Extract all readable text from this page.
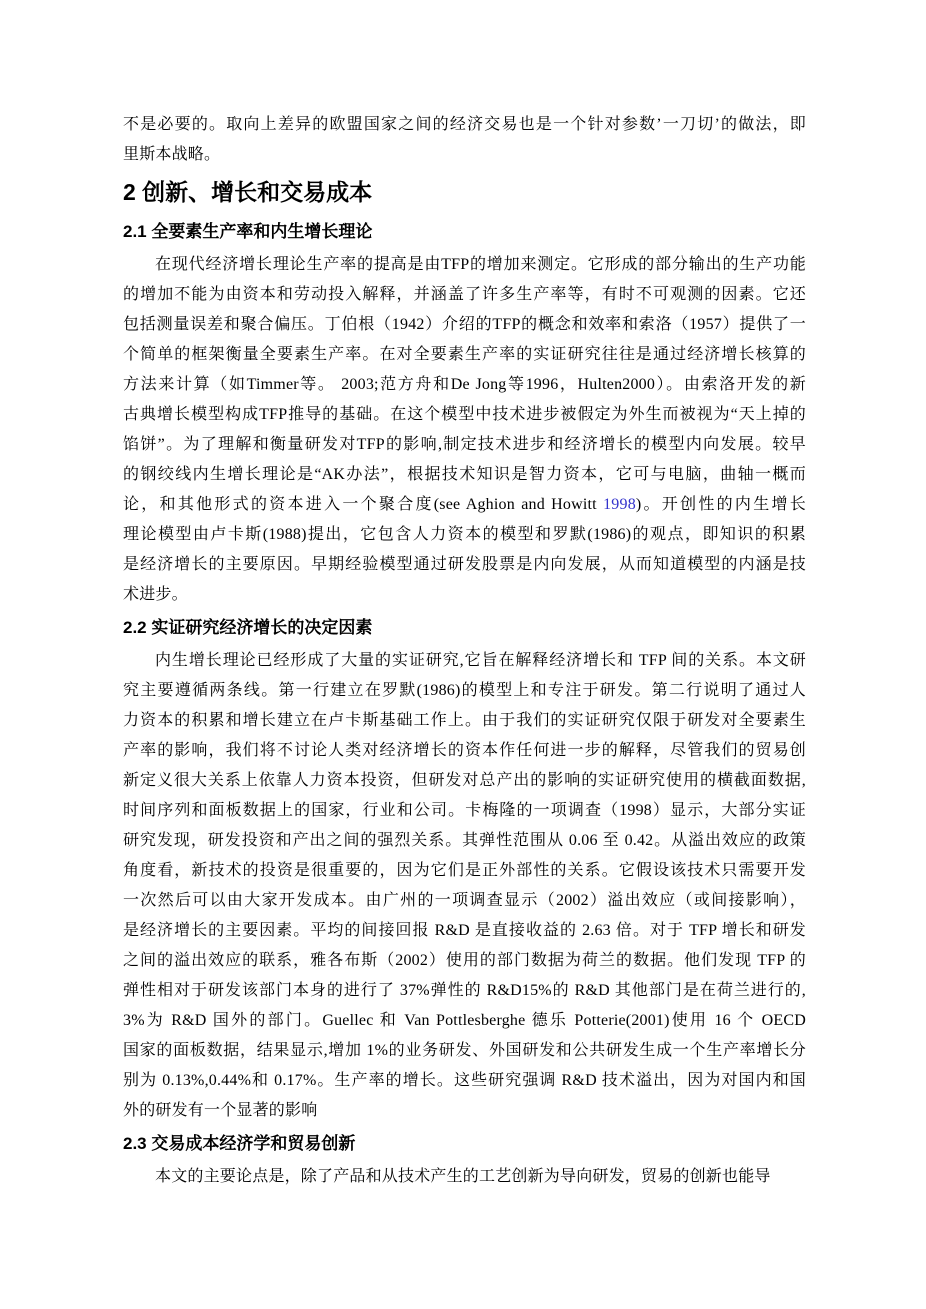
不是必要的。取向上差异的欧盟国家之间的经济交易也是一个针对参数’一刀切’的做法，即
里斯本战略。
2 创新、增长和交易成本
2.1 全要素生产率和内生增长理论
在现代经济增长理论生产率的提高是由TFP的增加来测定。它形成的部分输出的生产功能
的增加不能为由资本和劳动投入解释，并涵盖了许多生产率等，有时不可观测的因素。它还
包括测量误差和聚合偏压。丁伯根（1942）介绍的TFP的概念和效率和索洛（1957）提供了一
个简单的框架衡量全要素生产率。在对全要素生产率的实证研究往往是通过经济增长核算的
方法来计算（如Timmer等。 2003;范方舟和De Jong等1996，Hulten2000）。由索洛开发的新
古典增长模型构成TFP推导的基础。在这个模型中技术进步被假定为外生而被视为“天上掉的
馅饼”。为了理解和衡量研发对TFP的影响,制定技术进步和经济增长的模型内向发展。较早
的钢绞线内生增长理论是“AK办法”，根据技术知识是智力资本，它可与电脑，曲轴一概而
论，和其他形式的资本进入一个聚合度(see Aghion and Howitt 1998)。开创性的内生增长
理论模型由卢卡斯(1988)提出，它包含人力资本的模型和罗默(1986)的观点，即知识的积累
是经济增长的主要原因。早期经验模型通过研发股票是内向发展，从而知道模型的内涵是技
术进步。
2.2 实证研究经济增长的决定因素
内生增长理论已经形成了大量的实证研究,它旨在解释经济增长和 TFP 间的关系。本文研
究主要遵循两条线。第一行建立在罗默(1986)的模型上和专注于研发。第二行说明了通过人
力资本的积累和增长建立在卢卡斯基础工作上。由于我们的实证研究仅限于研发对全要素生
产率的影响，我们将不讨论人类对经济增长的资本作任何进一步的解释，尽管我们的贸易创
新定义很大关系上依靠人力资本投资，但研发对总产出的影响的实证研究使用的横截面数据,
时间序列和面板数据上的国家，行业和公司。卡梅隆的一项调查（1998）显示，大部分实证
研究发现，研发投资和产出之间的强烈关系。其弹性范围从 0.06 至 0.42。从溢出效应的政策
角度看，新技术的投资是很重要的，因为它们是正外部性的关系。它假设该技术只需要开发
一次然后可以由大家开发成本。由广州的一项调查显示（2002）溢出效应（或间接影响），
是经济增长的主要因素。平均的间接回报 R&D 是直接收益的 2.63 倍。对于 TFP 增长和研发
之间的溢出效应的联系，雅各布斯（2002）使用的部门数据为荷兰的数据。他们发现 TFP 的
弹性相对于研发该部门本身的进行了 37%弹性的 R&D15%的 R&D 其他部门是在荷兰进行的,
3%为 R&D 国外的部门。Guellec 和 Van Pottlesberghe 德乐 Potterie(2001)使用 16 个 OECD
国家的面板数据，结果显示,增加 1%的业务研发、外国研发和公共研发生成一个生产率增长分
别为 0.13%,0.44%和 0.17%。生产率的增长。这些研究强调 R&D 技术溢出，因为对国内和国
外的研发有一个显著的影响
2.3 交易成本经济学和贸易创新
本文的主要论点是，除了产品和从技术产生的工艺创新为导向研发，贸易的创新也能导
